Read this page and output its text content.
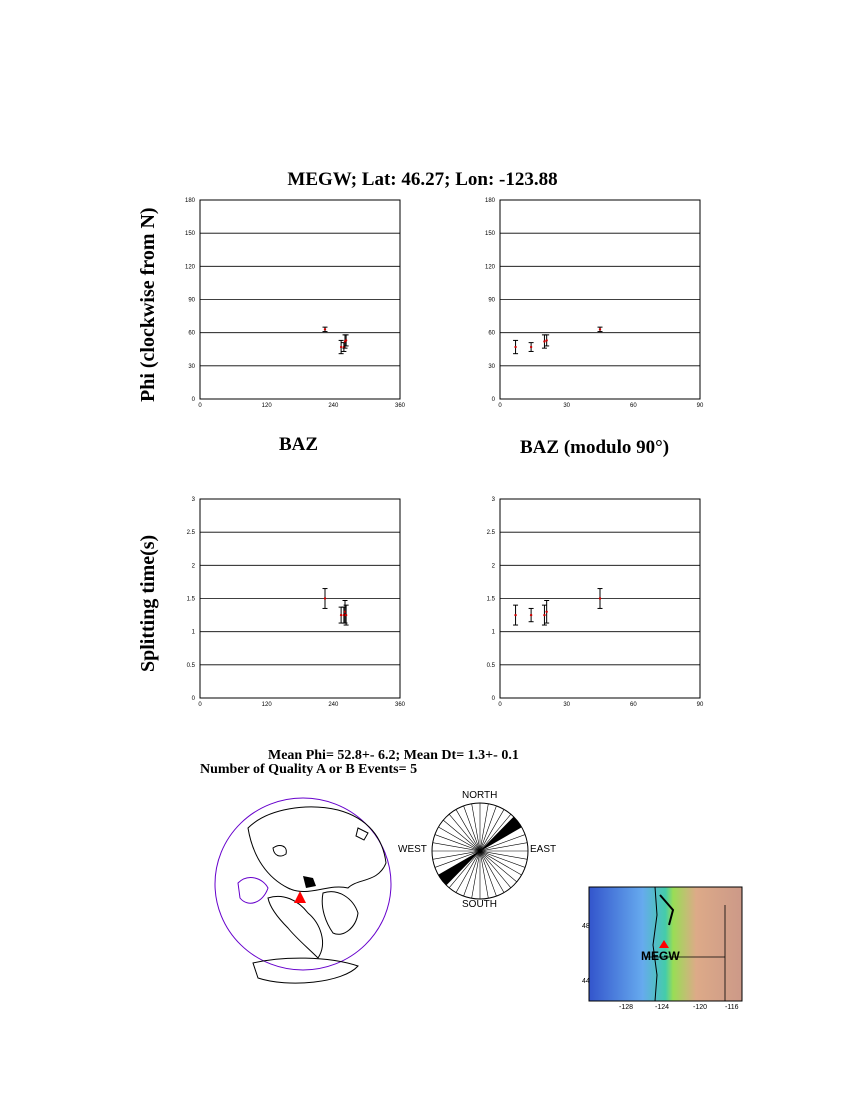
MEGW; Lat: 46.27; Lon: -123.88
Phi (clockwise from N)
Splitting time(s)
BAZ	BAZ (modulo 90°)
0
30
60
90
120
150
180
0	120	240	360
0
30
60
90
120
150
180
0	30	60	90
0
0.5
1
1.5
2
2.5
3
0	120	240	360
0
0.5
1
1.5
2
2.5
3
0	30	60	90
Mean Phi= 52.8+- 6.2; Mean Dt= 1.3+- 0.1
Number of Quality A or B Events= 5
NORTH
SOUTH
EAST
WEST
MEGW
48
44
-128	-124	-120	-116
